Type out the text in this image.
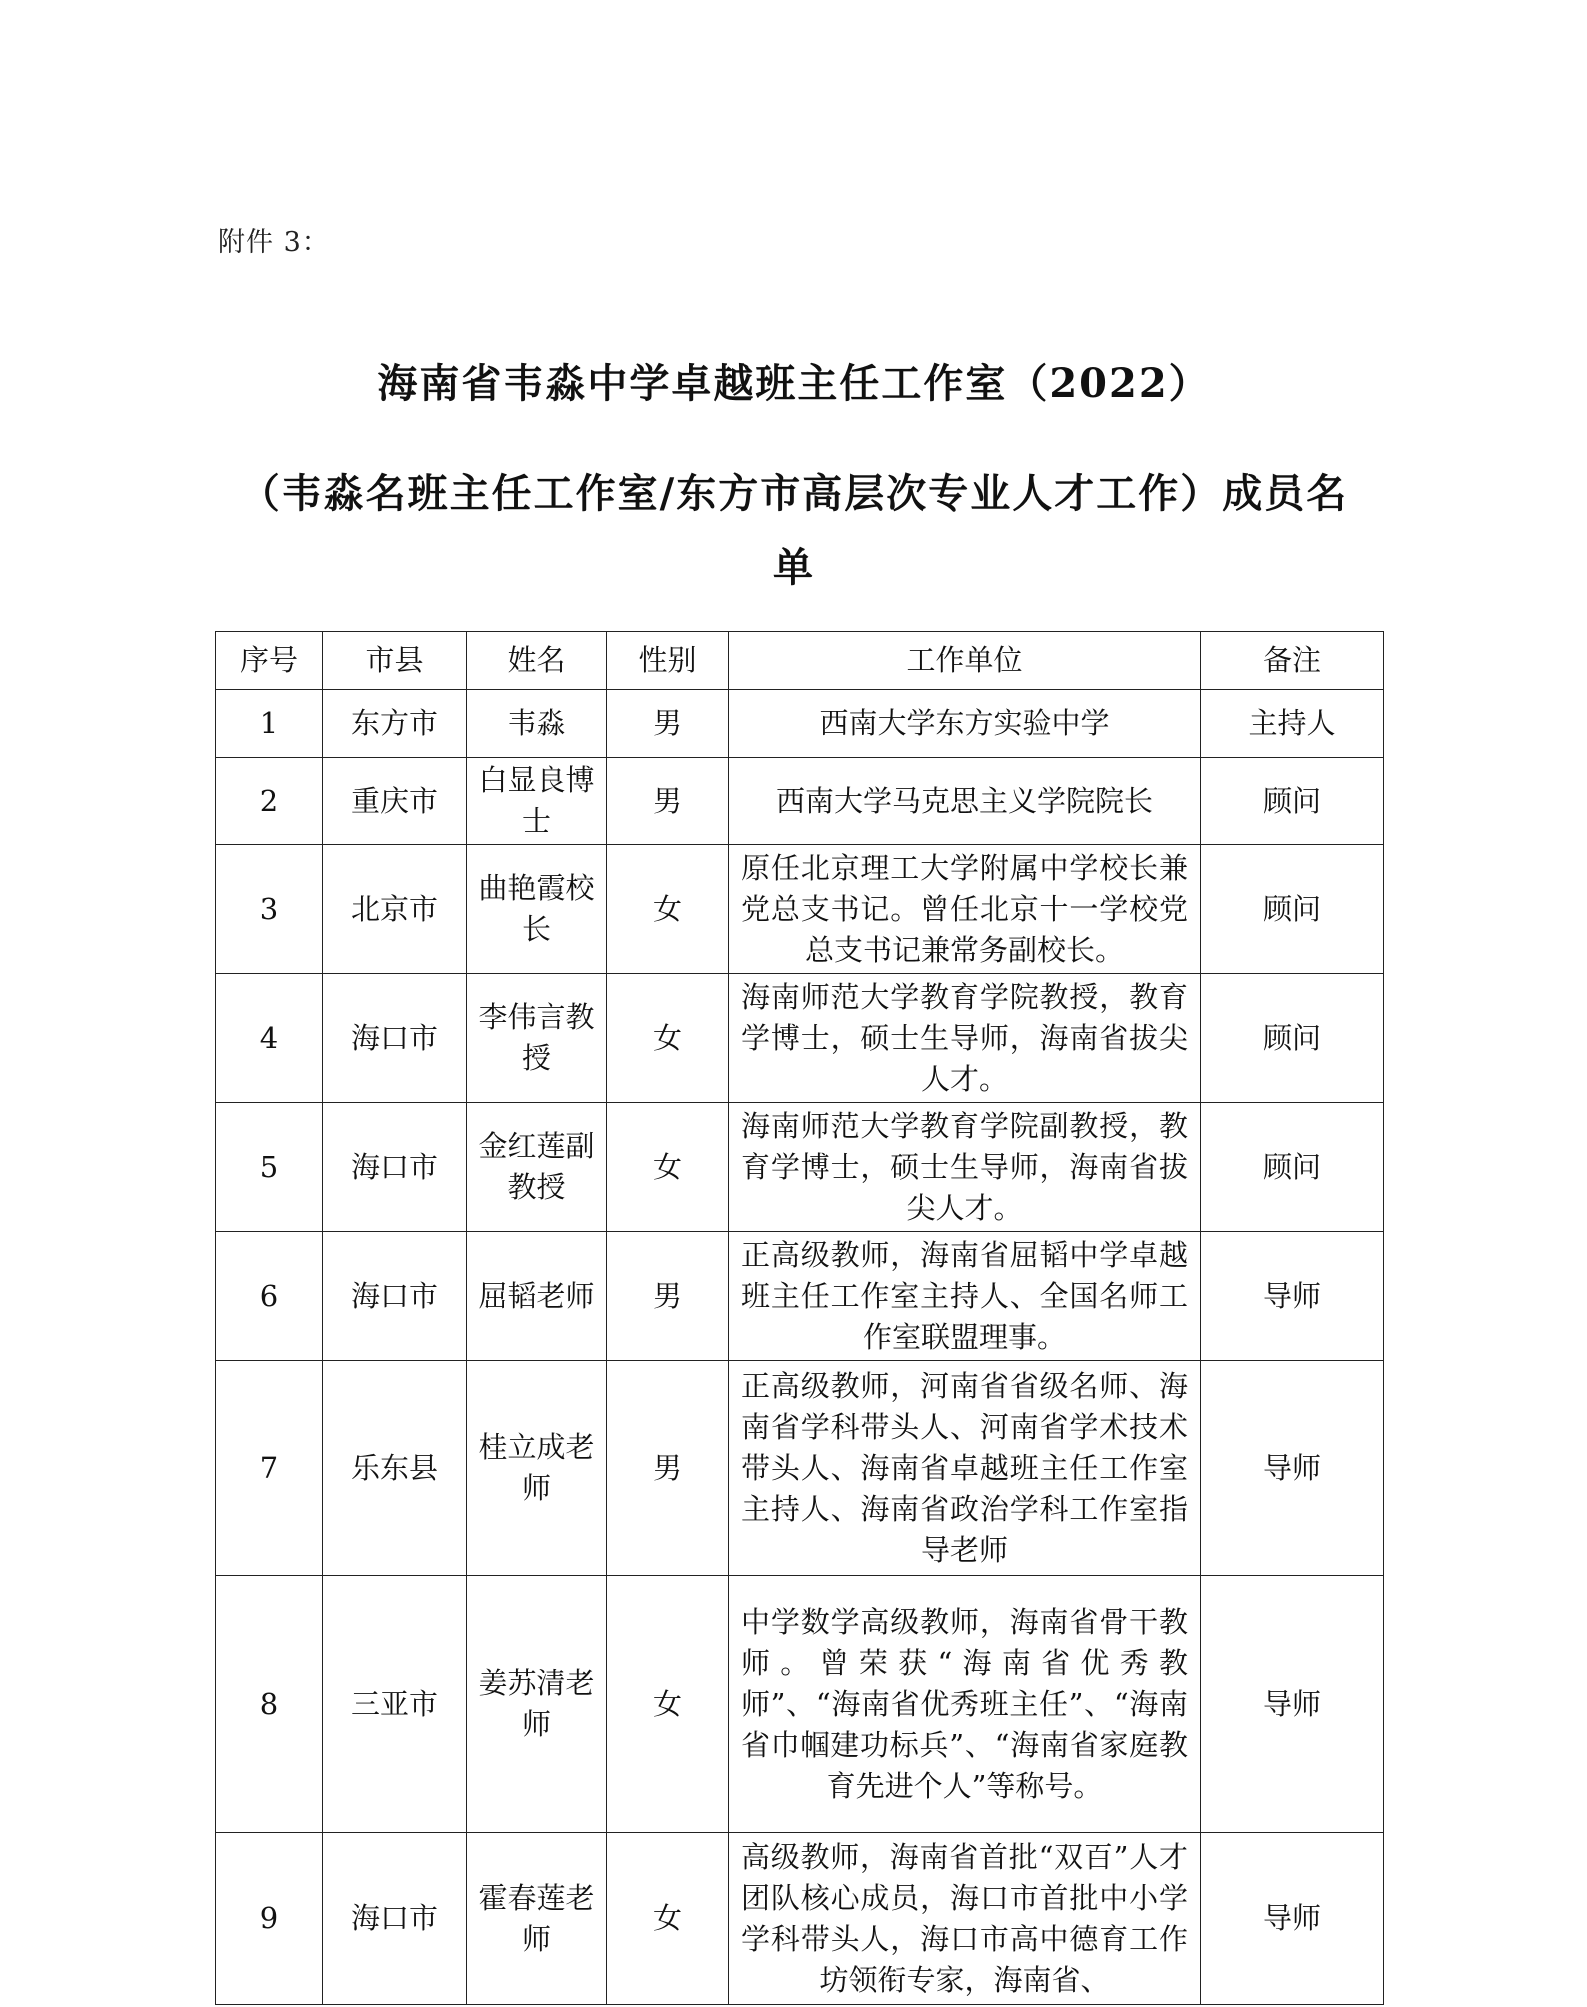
附件 3：
海南省韦淼中学卓越班主任工作室（2022）
（韦淼名班主任工作室/东方市高层次专业人才工作）成员名
单
序号	市县	姓名	性别	工作单位	备注
1	东方市	韦淼	男	西南大学东方实验中学	主持人
2	重庆市	白显良博士	男	西南大学马克思主义学院院长	顾问
3	北京市	曲艳霞校长	女	原任北京理工大学附属中学校长兼党总支书记。曾任北京十一学校党总支书记兼常务副校长。	顾问
4	海口市	李伟言教授	女	海南师范大学教育学院教授，教育学博士，硕士生导师，海南省拔尖人才。	顾问
5	海口市	金红莲副教授	女	海南师范大学教育学院副教授，教育学博士，硕士生导师，海南省拔尖人才。	顾问
6	海口市	屈韬老师	男	正高级教师，海南省屈韬中学卓越班主任工作室主持人、全国名师工作室联盟理事。	导师
7	乐东县	桂立成老师	男	正高级教师，河南省省级名师、海南省学科带头人、河南省学术技术带头人、海南省卓越班主任工作室主持人、海南省政治学科工作室指导老师	导师
8	三亚市	姜苏清老师	女	中学数学高级教师，海南省骨干教师。曾荣获“海南省优秀教师”、“海南省优秀班主任”、“海南省巾帼建功标兵”、“海南省家庭教育先进个人”等称号。	导师
9	海口市	霍春莲老师	女	高级教师，海南省首批“双百”人才团队核心成员，海口市首批中小学学科带头人，海口市高中德育工作坊领衔专家，海南省、	导师
